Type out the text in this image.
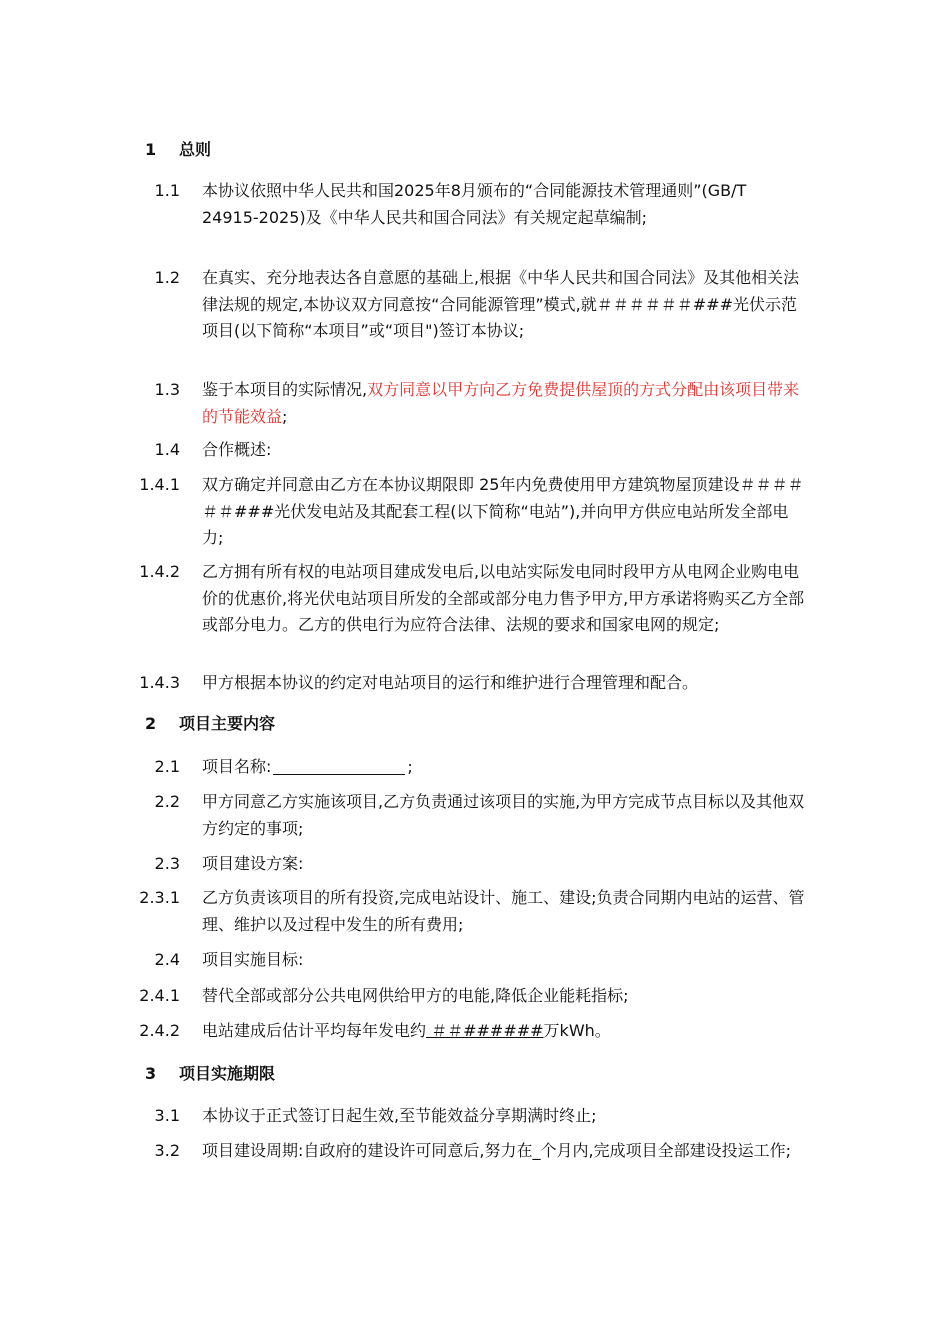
1 总则
1.1 本协议依照中华人民共和国2025年8月颁布的“合同能源技术管理通则”(GB/T 24915-2025)及《中华人民共和国合同法》有关规定起草编制;
1.2 在真实、充分地表达各自意愿的基础上,根据《中华人民共和国合同法》及其他相关法律法规的规定,本协议双方同意按“合同能源管理”模式,就＃＃＃＃＃＃###光伏示范项目(以下简称“本项目”或“项目")签订本协议;
1.3 鉴于本项目的实际情况,双方同意以甲方向乙方免费提供屋顶的方式分配由该项目带来的节能效益;
1.4 合作概述:
1.4.1 双方确定并同意由乙方在本协议期限即 25年内免费使用甲方建筑物屋顶建设＃＃＃＃＃＃###光伏发电站及其配套工程(以下简称“电站”),并向甲方供应电站所发全部电力;
1.4.2 乙方拥有所有权的电站项目建成发电后,以电站实际发电同时段甲方从电网企业购电电价的优惠价,将光伏电站项目所发的全部或部分电力售予甲方,甲方承诺将购买乙方全部或部分电力。乙方的供电行为应符合法律、法规的要求和国家电网的规定;
1.4.3 甲方根据本协议的约定对电站项目的运行和维护进行合理管理和配合。
2 项目主要内容
2.1 项目名称:	;
2.2 甲方同意乙方实施该项目,乙方负责通过该项目的实施,为甲方完成节点目标以及其他双方约定的事项;
2.3 项目建设方案:
2.3.1 乙方负责该项目的所有投资,完成电站设计、施工、建设;负责合同期内电站的运营、管理、维护以及过程中发生的所有费用;
2.4 项目实施目标:
2.4.1 替代全部或部分公共电网供给甲方的电能,降低企业能耗指标;
2.4.2 电站建成后估计平均每年发电约 ＃＃######万kWh。
3 项目实施期限
3.1 本协议于正式签订日起生效,至节能效益分享期满时终止;
3.2 项目建设周期:自政府的建设许可同意后,努力在_个月内,完成项目全部建设投运工作;
